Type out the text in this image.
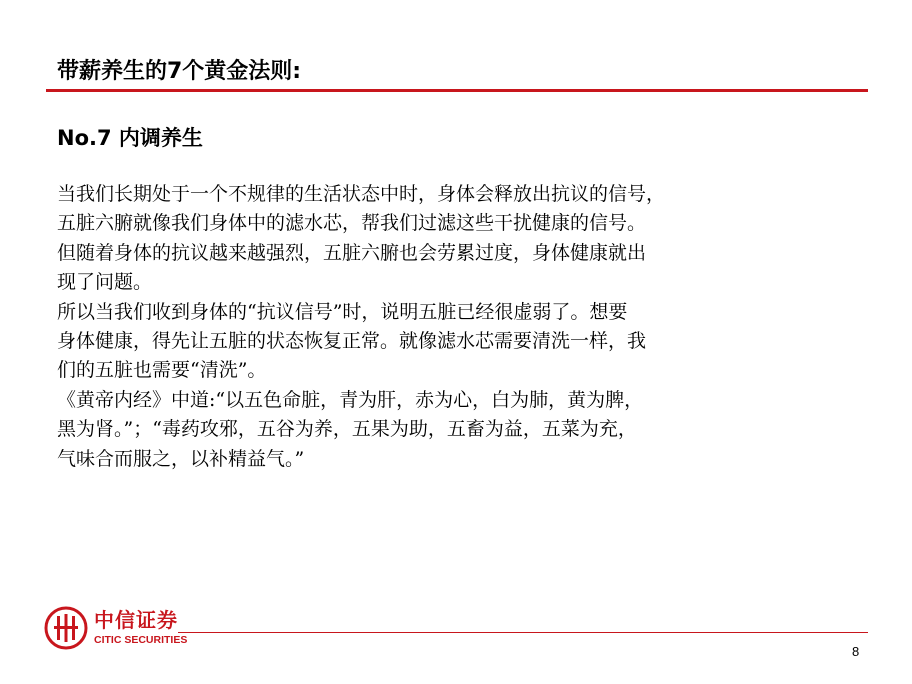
带薪养生的7个黄金法则:
No.7 内调养生
当我们长期处于一个不规律的生活状态中时，身体会释放出抗议的信号，
五脏六腑就像我们身体中的滤水芯，帮我们过滤这些干扰健康的信号。
但随着身体的抗议越来越强烈，五脏六腑也会劳累过度，身体健康就出
现了问题。
所以当我们收到身体的“抗议信号”时，说明五脏已经很虚弱了。想要
身体健康，得先让五脏的状态恢复正常。就像滤水芯需要清洗一样，我
们的五脏也需要“清洗”。
《黄帝内经》中道:“以五色命脏，青为肝，赤为心，白为肺，黄为脾，
黑为肾。”；“毒药攻邪，五谷为养，五果为助，五畜为益，五菜为充，
气味合而服之，以补精益气。”
中信证券
CITIC SECURITIES
8
